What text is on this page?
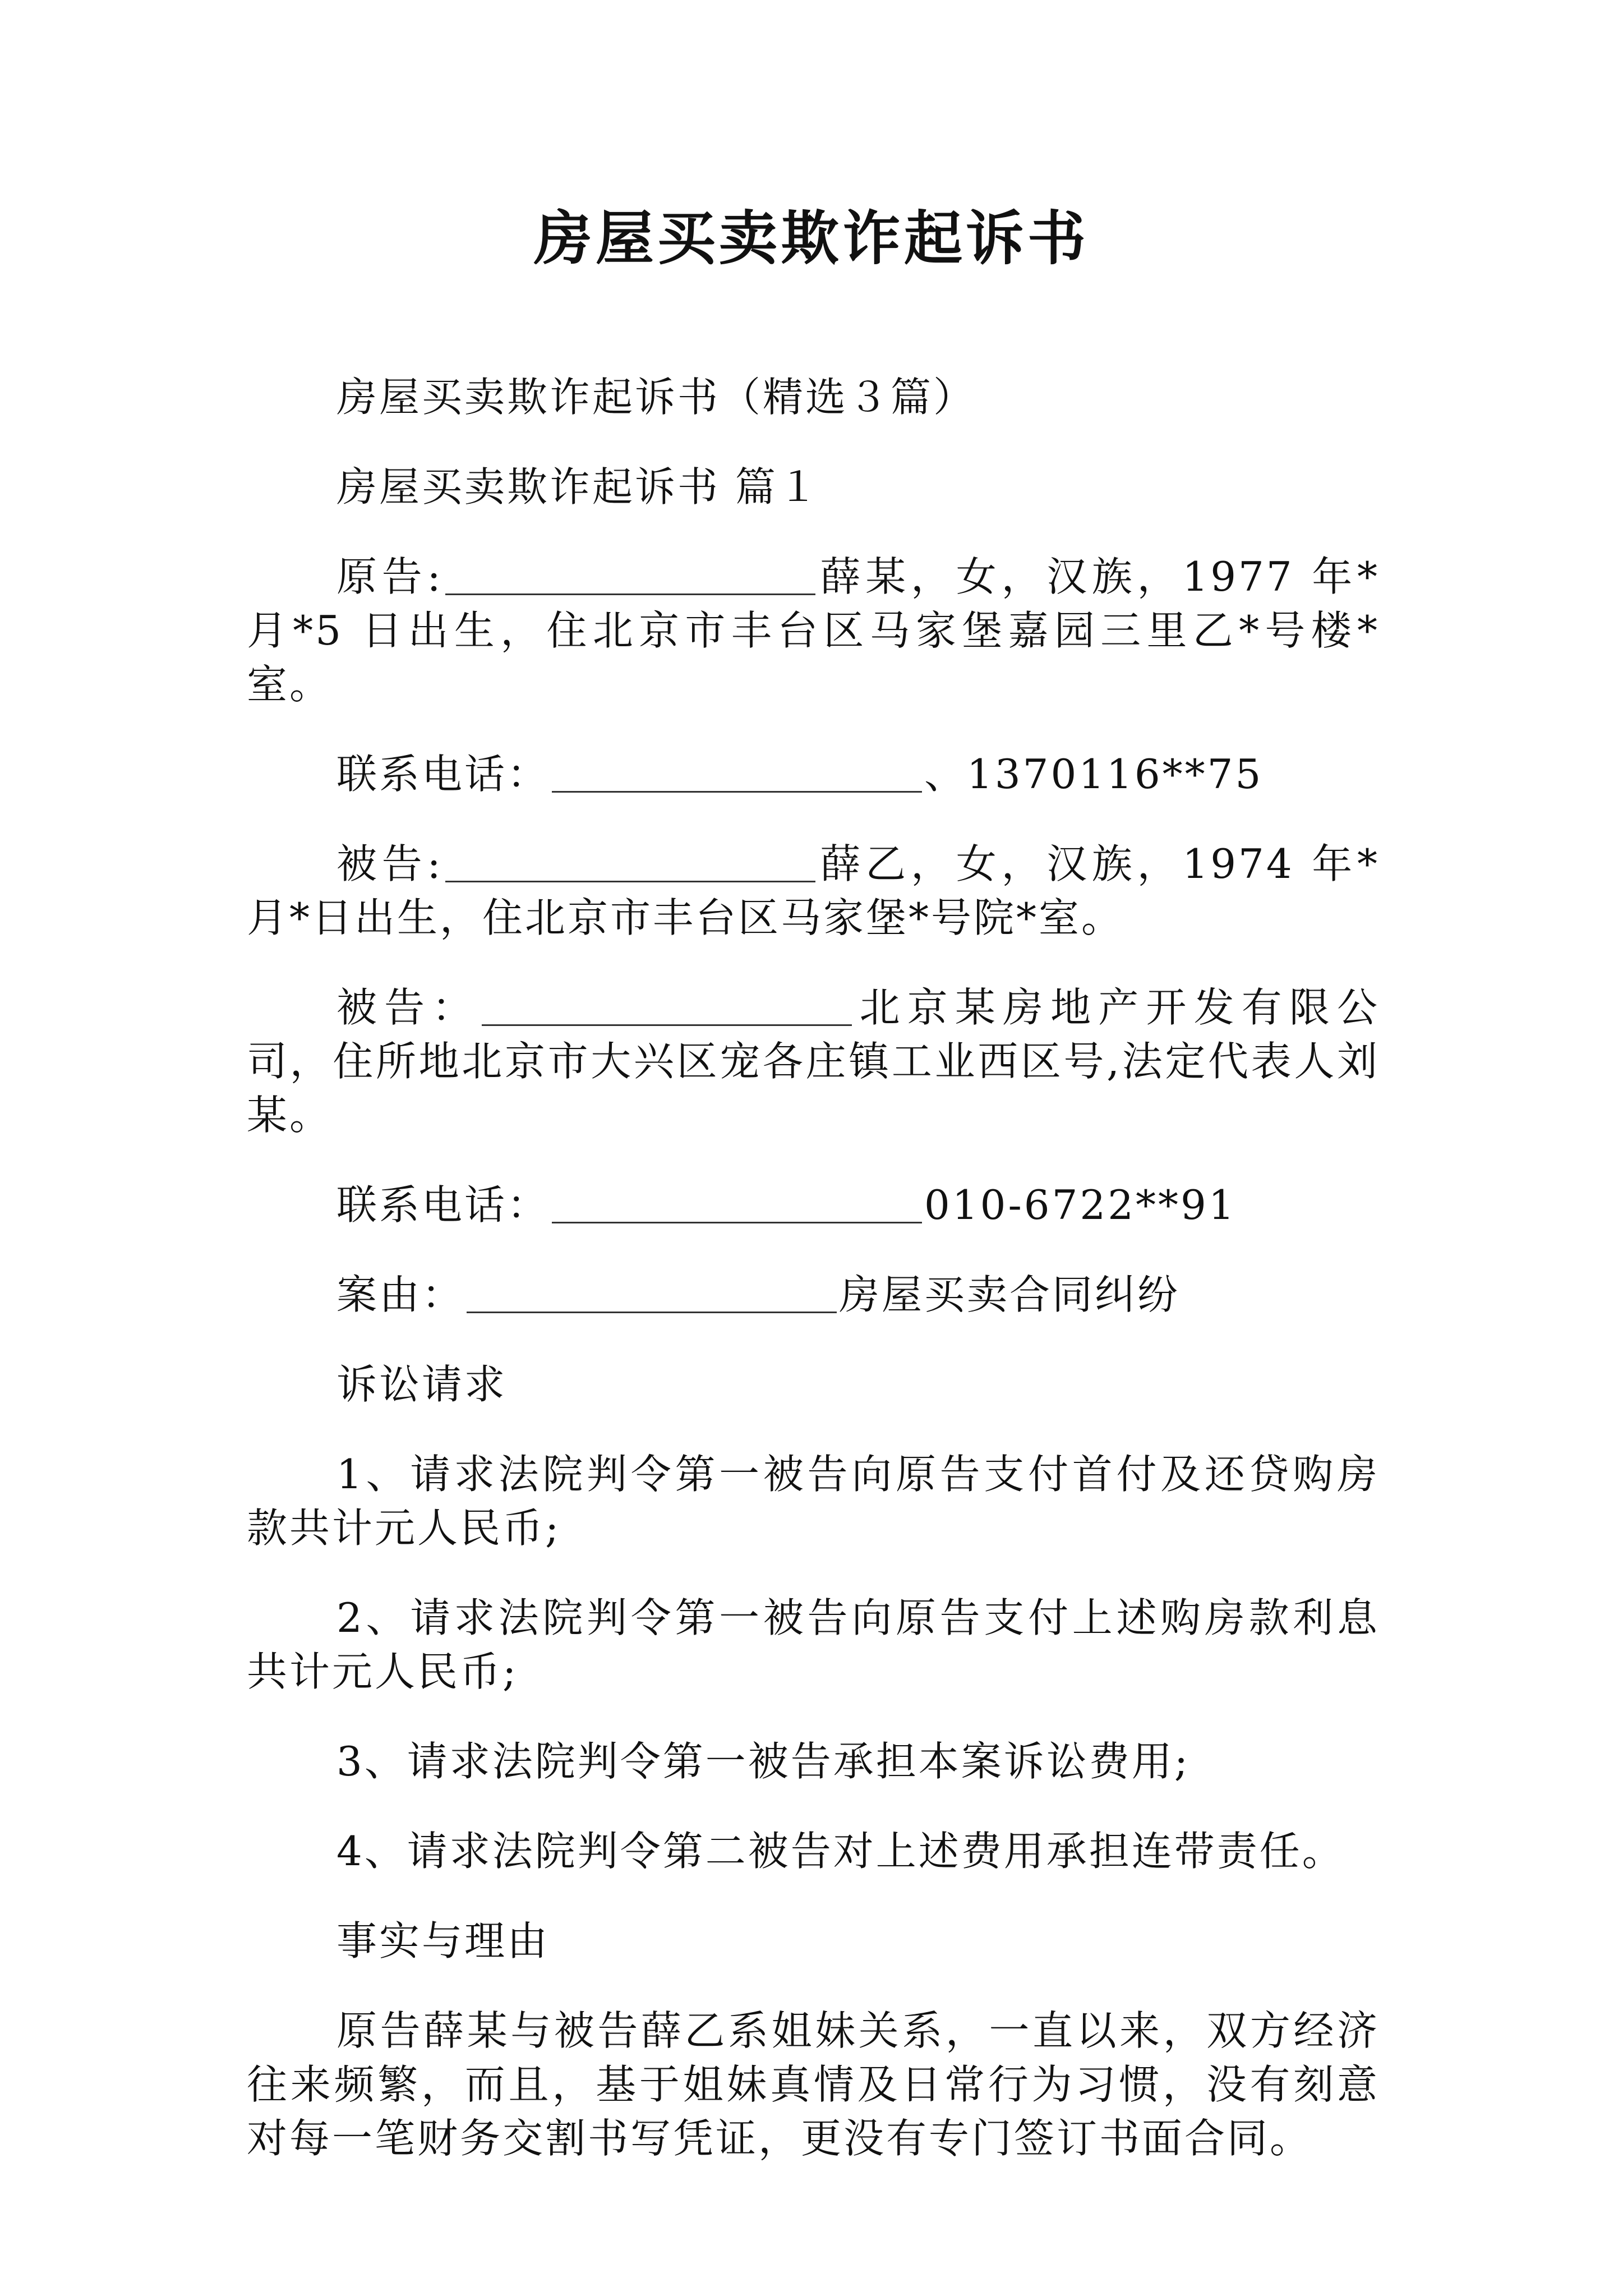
房屋买卖欺诈起诉书

房屋买卖欺诈起诉书（精选３篇）

房屋买卖欺诈起诉书 篇１

原告:	薛某，女，汉族，1977 年*月*5 日出生，住北京市丰台区马家堡嘉园三里乙*号楼*室。

联系电话：	、1370116**75

被告:	薛乙，女，汉族，1974 年*月*日出生，住北京市丰台区马家堡*号院*室。

被告：	北京某房地产开发有限公司，住所地北京市大兴区宠各庄镇工业西区号,法定代表人刘某。

联系电话：	010-6722**91

案由：	房屋买卖合同纠纷

诉讼请求

1、请求法院判令第一被告向原告支付首付及还贷购房款共计元人民币;

2、请求法院判令第一被告向原告支付上述购房款利息共计元人民币;

3、请求法院判令第一被告承担本案诉讼费用;

4、请求法院判令第二被告对上述费用承担连带责任。

事实与理由

原告薛某与被告薛乙系姐妹关系，一直以来，双方经济往来频繁，而且，基于姐妹真情及日常行为习惯，没有刻意对每一笔财务交割书写凭证，更没有专门签订书面合同。
